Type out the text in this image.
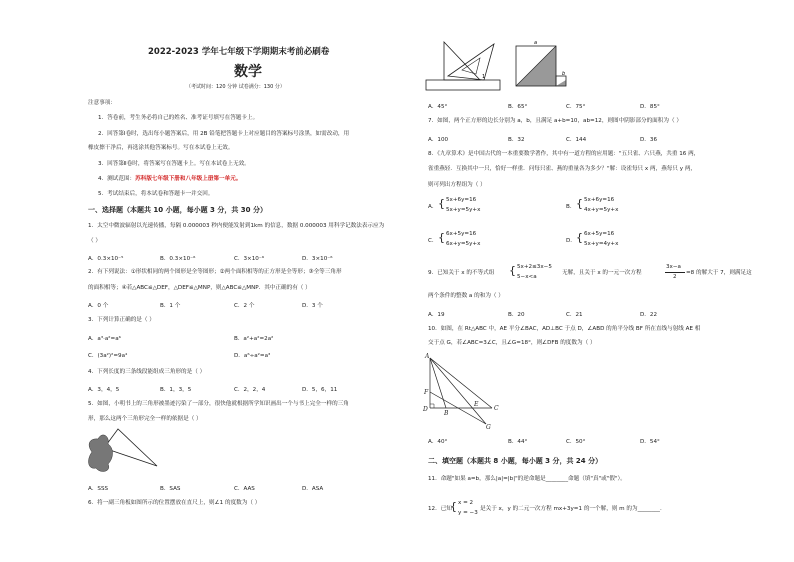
2022-2023 学年七年级下学期期末考前必刷卷
数学
（考试时间：120 分钟 试卷满分：130 分）
注意事项：
1．答卷前，考生务必将自己的姓名、准考证号填写在答题卡上。
2．回答第Ⅰ卷时，选出每小题答案后，用 2B 铅笔把答题卡上对应题目的答案标号涂黑，如需改动，用
橡皮擦干净后，再选涂其他答案标号。写在本试卷上无效。
3．回答第Ⅱ卷时，将答案写在答题卡上。写在本试卷上无效。
4．测试范围：苏科版七年级下册和八年级上册第一单元。
5．考试结束后，将本试卷和答题卡一并交回。
一、选择题（本题共 10 小题，每小题 3 分，共 30 分）
1．太空中微波辐射以光速传播，每隔 0.000003 秒内便能发射到1km 的信息，数据 0.000003 用科学记数法表示应为
（ ）
A．0.3×10⁻⁵	B．0.3×10⁻⁶	C．3×10⁻⁶	D．3×10⁻⁶
2．有下列说法：①形状相同的两个图形是全等图形；②两个面积相等的正方形是全等形；③全等三角形
的面积相等；④若△ABC≌△DEF，△DEF≌△MNP，则△ABC≌△MNP．其中正确的有（ ）
A．0 个	B．1 个	C．2 个	D．3 个
3．下列计算正确的是（ ）
A．a³·a²=a⁶	B．a²+a²=2a²
C．(3a²)²=9a⁴	D．a⁶÷a²=a³
4．下列长度的三条线段能组成三角形的是（ ）
A．3，4，5	B．1，3，5	C．2，2，4	D．5，6，11
5．如图，小明书上的三角形被墨迹污染了一部分，很快他就根据所学知识画出一个与书上完全一样的三角
形，那么这两个三角形完全一样的依据是（ ）
A．SSS	B．SAS	C．AAS	D．ASA
6．将一副三角板如图所示的位置摆放在直尺上，则∠1 的度数为（ ）
1
a
b
A．45°	B．65°	C．75°	D．85°
7．如图，两个正方形的边长分别为 a，b，且满足 a+b=10，ab=12，则图中阴影部分的面积为（ ）
A．100	B．32	C．144	D．36
8．《九章算术》是中国古代的一本重要数学著作，其中有一道方程的应用题："五只雀、六只燕，共重 16 两，
雀重燕轻．互换其中一只，恰好一样重．问每只雀、燕的重量各为多少？"解：设雀每只 x 两，燕每只 y 两，
则可列出方程组为（ ）
A． { 5x+6y=16
5x+y=5y+x	B． { 5x+6y=16
4x+y=5y+x
C． { 6x+5y=16
6x+y=5y+x	D． { 6x+5y=16
5x+y=4y+x
9．已知关于 x 的不等式组 { 5x+2≤3x−5
5−x<a
无解，且关于 x 的一元一次方程
3x−a
2
=8 的解大于 7，则满足这
两个条件的整数 a 的和为（ ）
A．19	B．20	C．21	D．22
10．如图，在 Rt△ABC 中，AE 平分∠BAC，AD⊥BC 于点 D，∠ABD 的角平分线 BF 所在直线与射线 AE 相
交于点 G，若∠ABC=3∠C，且∠G=18°，则∠DFB 的度数为（ ）
A
F
D
B
E
C
G
A．40°	B．44°	C．50°	D．54°
二、填空题（本题共 8 小题，每小题 3 分，共 24 分）
11．命题"如果 a=b，那么|a|=|b|"的逆命题是________命题（填"真"或"假"）。
12．已知
{ x = 2
y = −3
是关于 x，y 的二元一次方程 mx+3y=1 的一个解，则 m 的为________.
